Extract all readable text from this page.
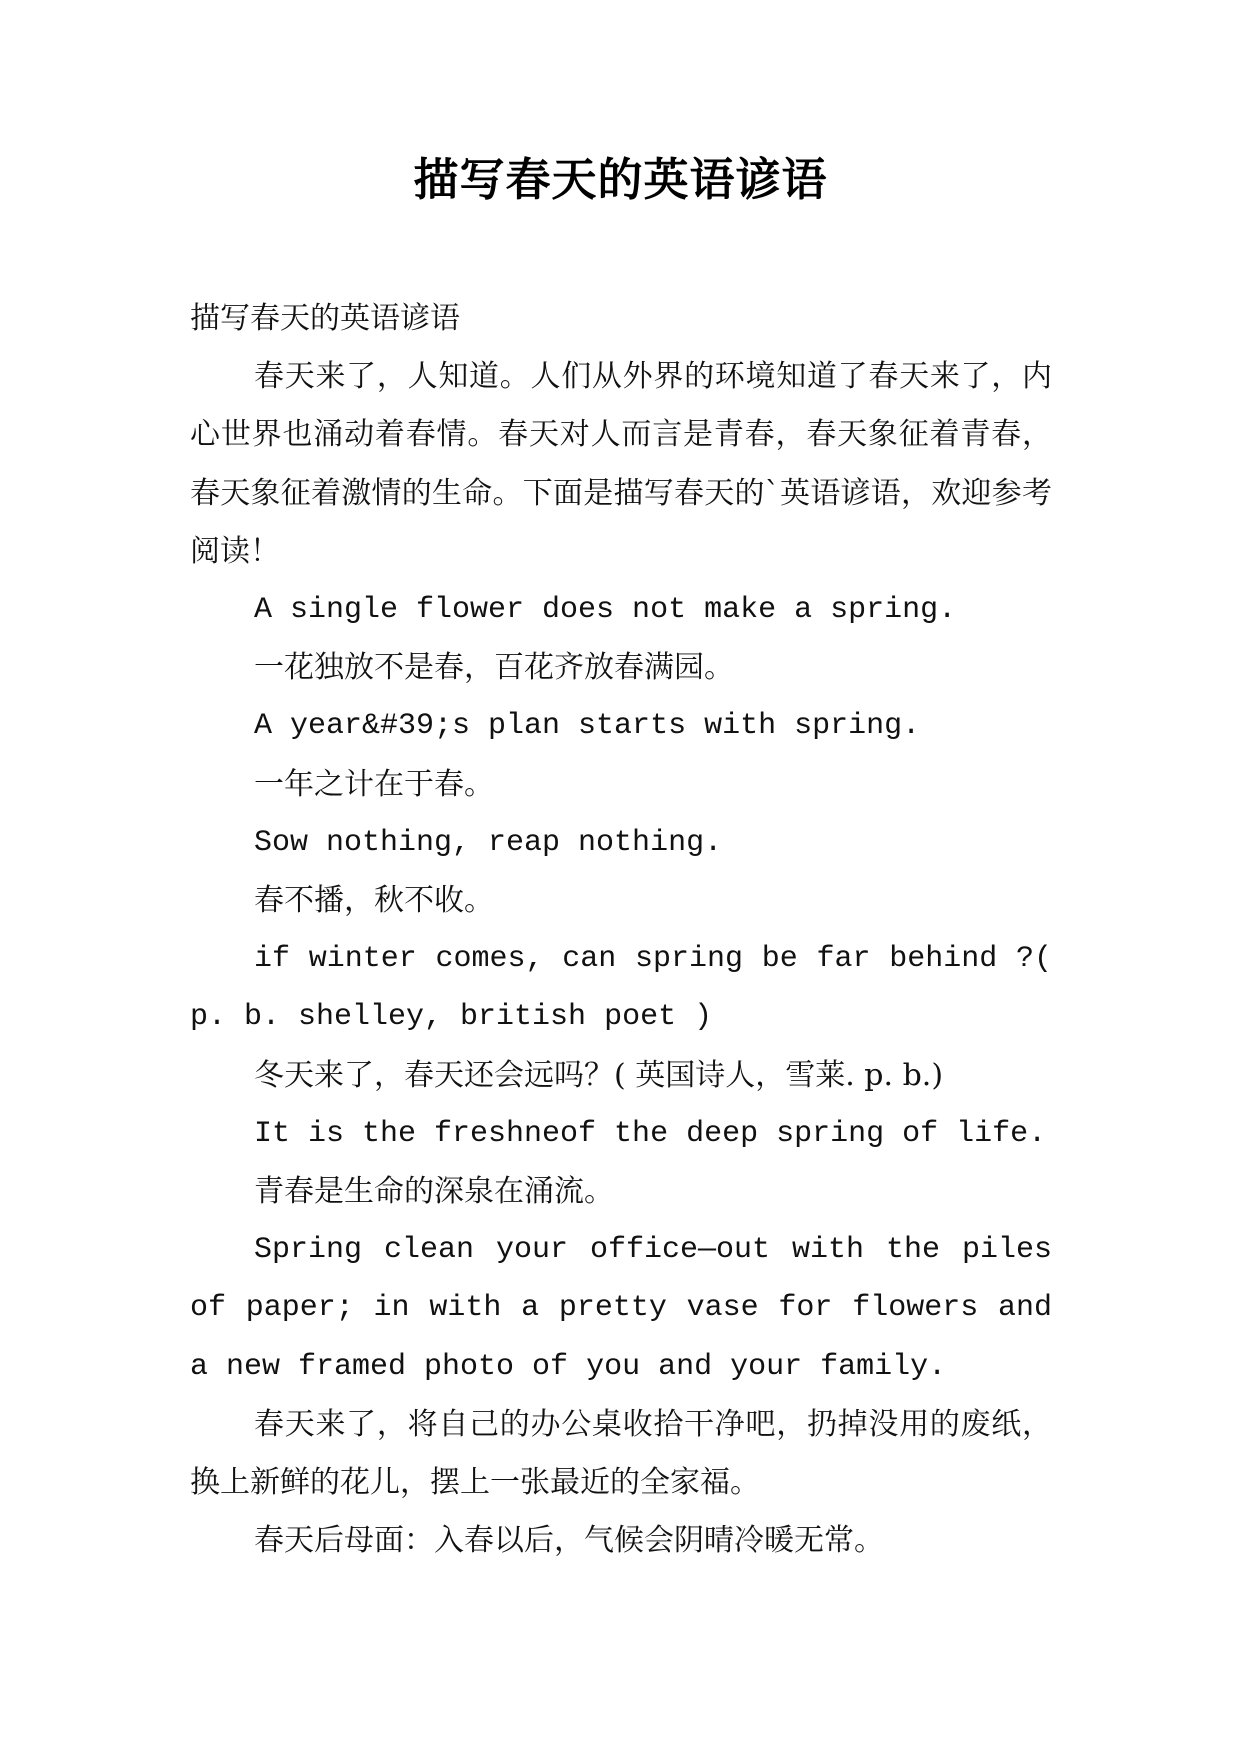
描写春天的英语谚语

描写春天的英语谚语

春天来了，人知道。人们从外界的环境知道了春天来了，内心世界也涌动着春情。春天对人而言是青春，春天象征着青春，春天象征着激情的生命。下面是描写春天的`英语谚语，欢迎参考阅读！

A single flower does not make a spring.

一花独放不是春，百花齐放春满园。

A year&#39;s plan starts with spring.

一年之计在于春。

Sow nothing, reap nothing.

春不播，秋不收。

if winter comes, can spring be far behind ?( p. b. shelley, british poet )

冬天来了，春天还会远吗？( 英国诗人，雪莱. p. b.)

It is the freshneof the deep spring of life.

青春是生命的深泉在涌流。

Spring clean your office—out with the piles of paper; in with a pretty vase for flowers and a new framed photo of you and your family.

春天来了，将自己的办公桌收拾干净吧，扔掉没用的废纸，换上新鲜的花儿，摆上一张最近的全家福。

春天后母面：入春以后，气候会阴晴冷暖无常。
